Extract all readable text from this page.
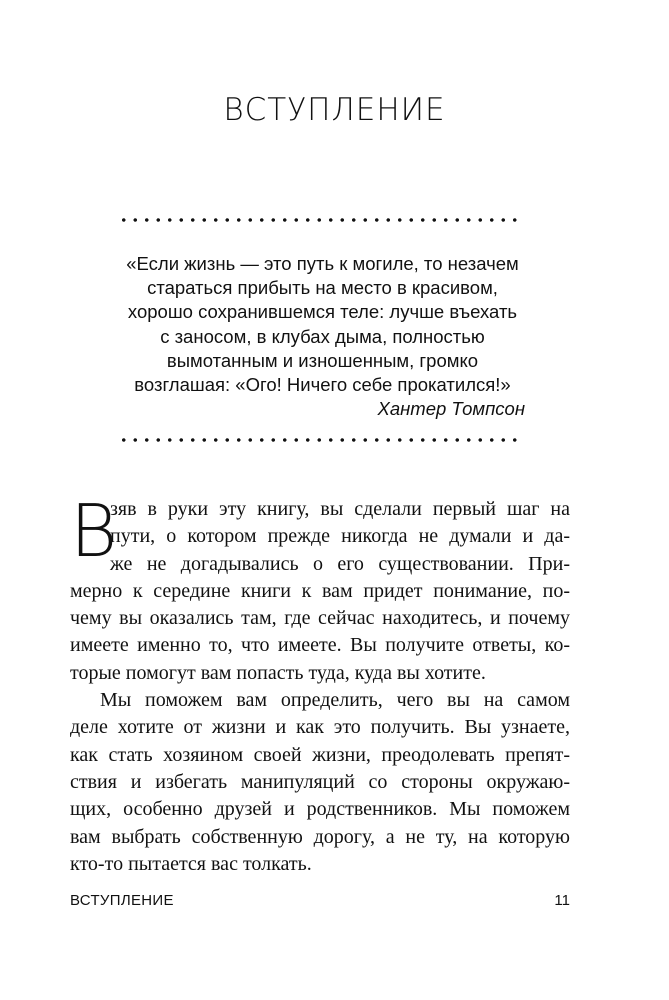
ВСТУПЛЕНИЕ
«Если жизнь — это путь к могиле, то незачем
стараться прибыть на место в красивом,
хорошо сохранившемся теле: лучше въехать
с заносом, в клубах дыма, полностью
вымотанным и изношенным, громко
возглашая: «Ого! Ничего себе прокатился!»
Хантер Томпсон
В
зяв в руки эту книгу, вы сделали первый шаг на
пути, о котором прежде никогда не думали и да-
же не догадывались о его существовании. При-
мерно к середине книги к вам придет понимание, по-
чему вы оказались там, где сейчас находитесь, и почему
имеете именно то, что имеете. Вы получите ответы, ко-
торые помогут вам попасть туда, куда вы хотите.
Мы поможем вам определить, чего вы на самом
деле хотите от жизни и как это получить. Вы узнаете,
как стать хозяином своей жизни, преодолевать препят-
ствия и избегать манипуляций со стороны окружаю-
щих, особенно друзей и родственников. Мы поможем
вам выбрать собственную дорогу, а не ту, на которую
кто-то пытается вас толкать.
ВСТУПЛЕНИЕ	11
